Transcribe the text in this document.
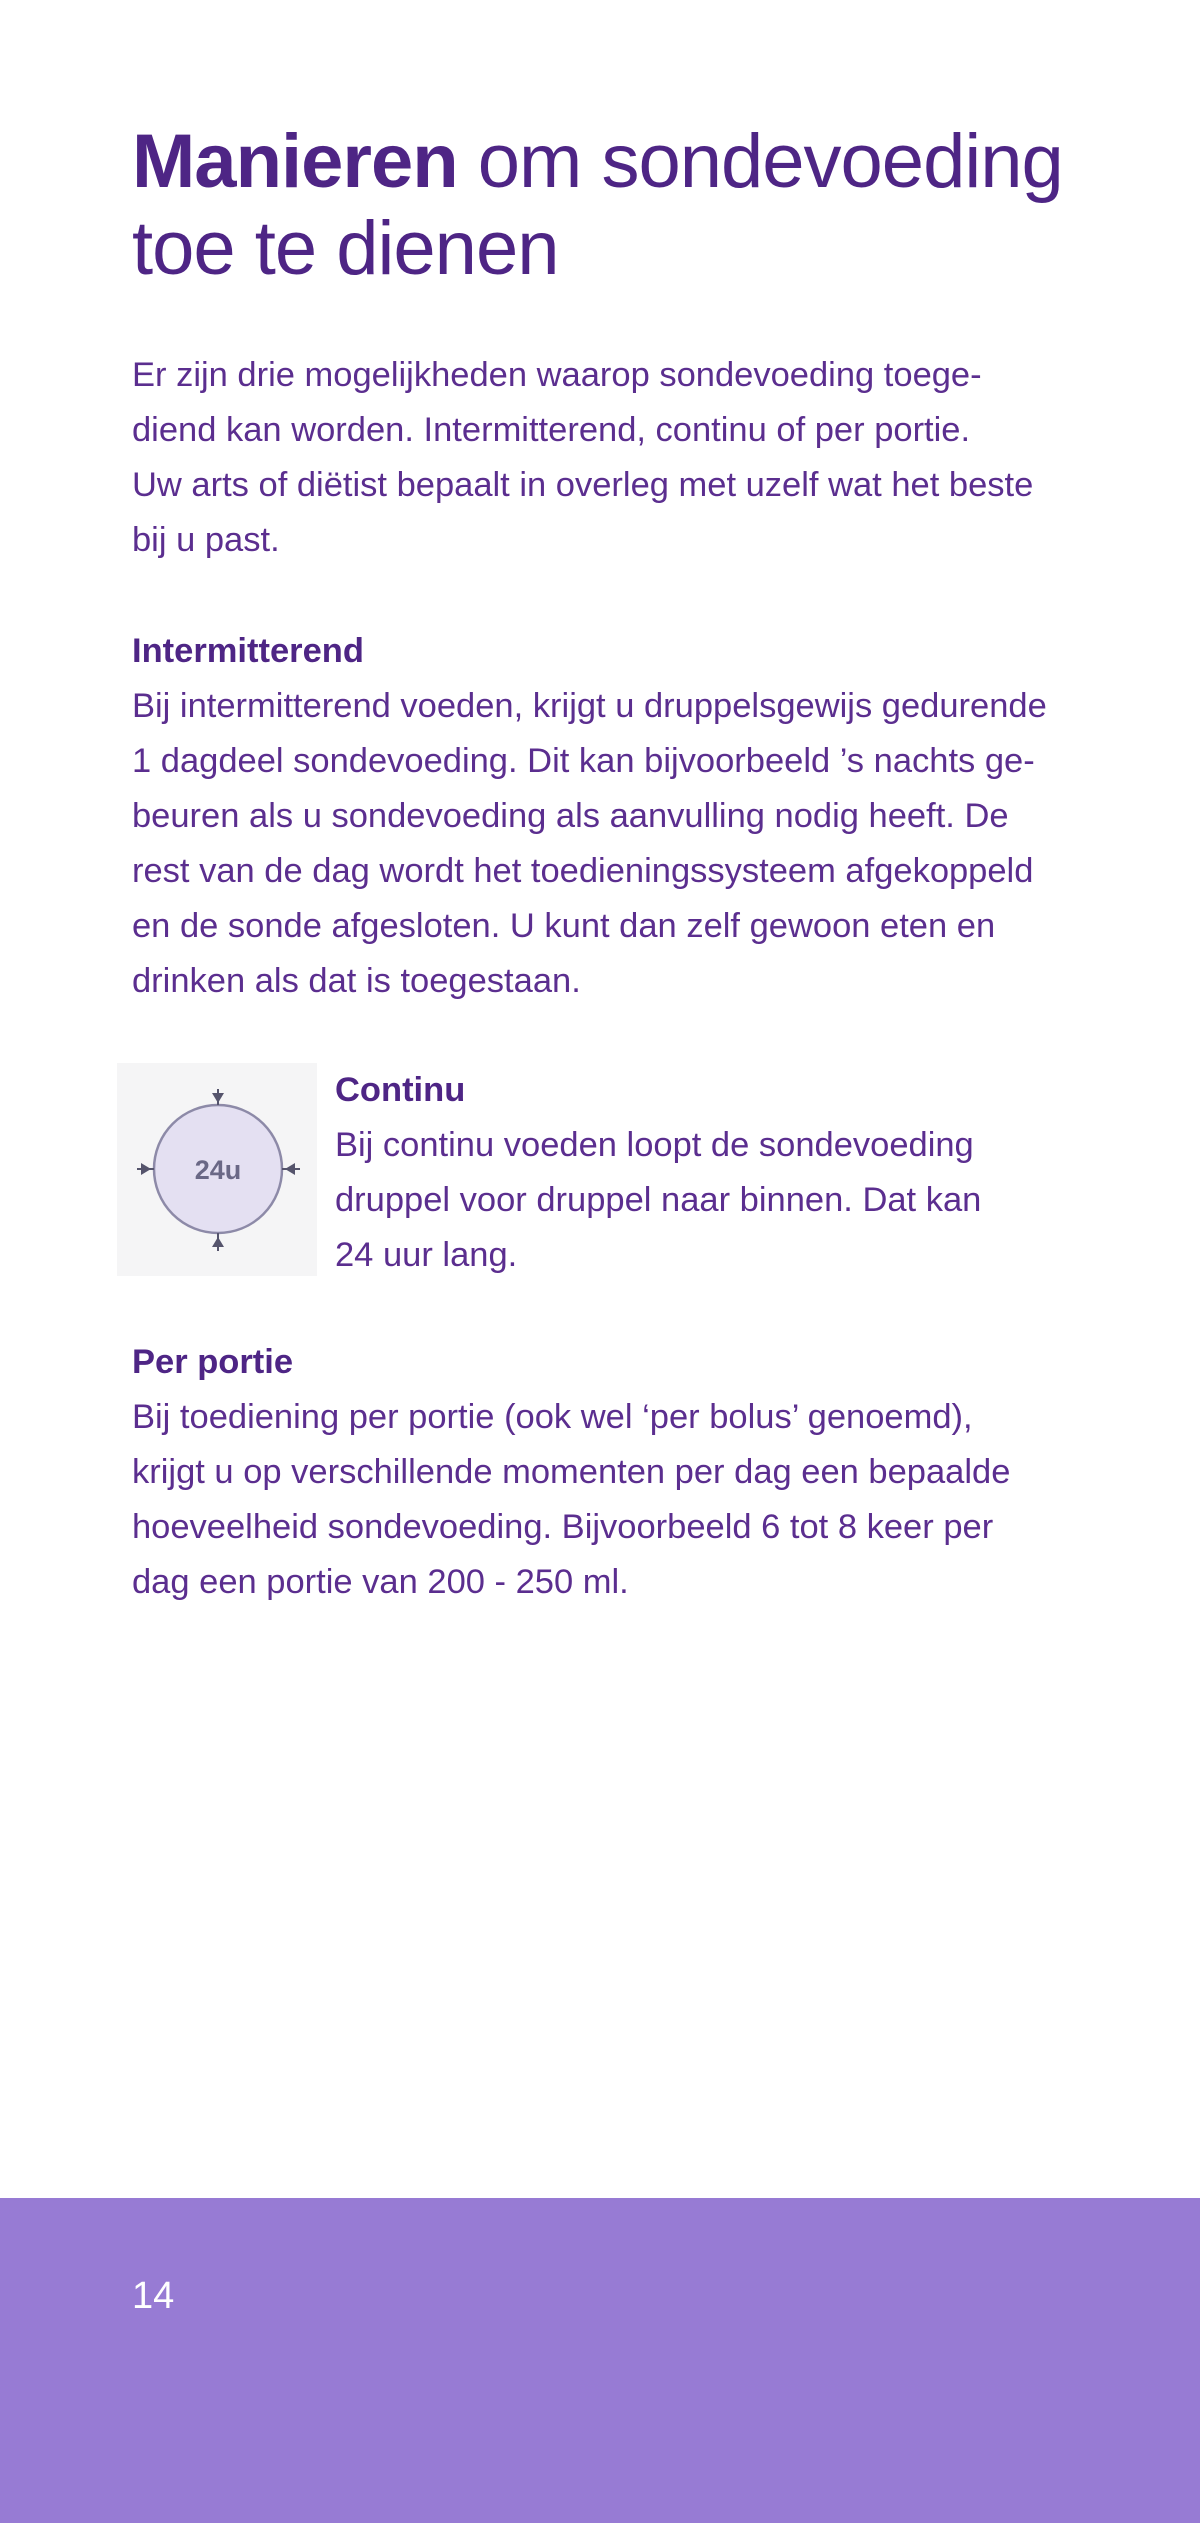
Manieren om sondevoeding
toe te dienen

Er zijn drie mogelijkheden waarop sondevoeding toege-

diend kan worden. Intermitterend, continu of per portie.

Uw arts of diëtist bepaalt in overleg met uzelf wat het beste

bij u past.

Intermitterend

Bij intermitterend voeden, krijgt u druppelsgewijs gedurende

1 dagdeel sondevoeding. Dit kan bijvoorbeeld ’s nachts ge-

beuren als u sondevoeding als aanvulling nodig heeft. De

rest van de dag wordt het toedieningssysteem afgekoppeld

en de sonde afgesloten. U kunt dan zelf gewoon eten en

drinken als dat is toegestaan.

24u

Continu

Bij continu voeden loopt de sondevoeding

druppel voor druppel naar binnen. Dat kan

24 uur lang.

Per portie

Bij toediening per portie (ook wel ‘per bolus’ genoemd),

krijgt u op verschillende momenten per dag een bepaalde

hoeveelheid sondevoeding. Bijvoorbeeld 6 tot 8 keer per

dag een portie van 200 - 250 ml.

14
